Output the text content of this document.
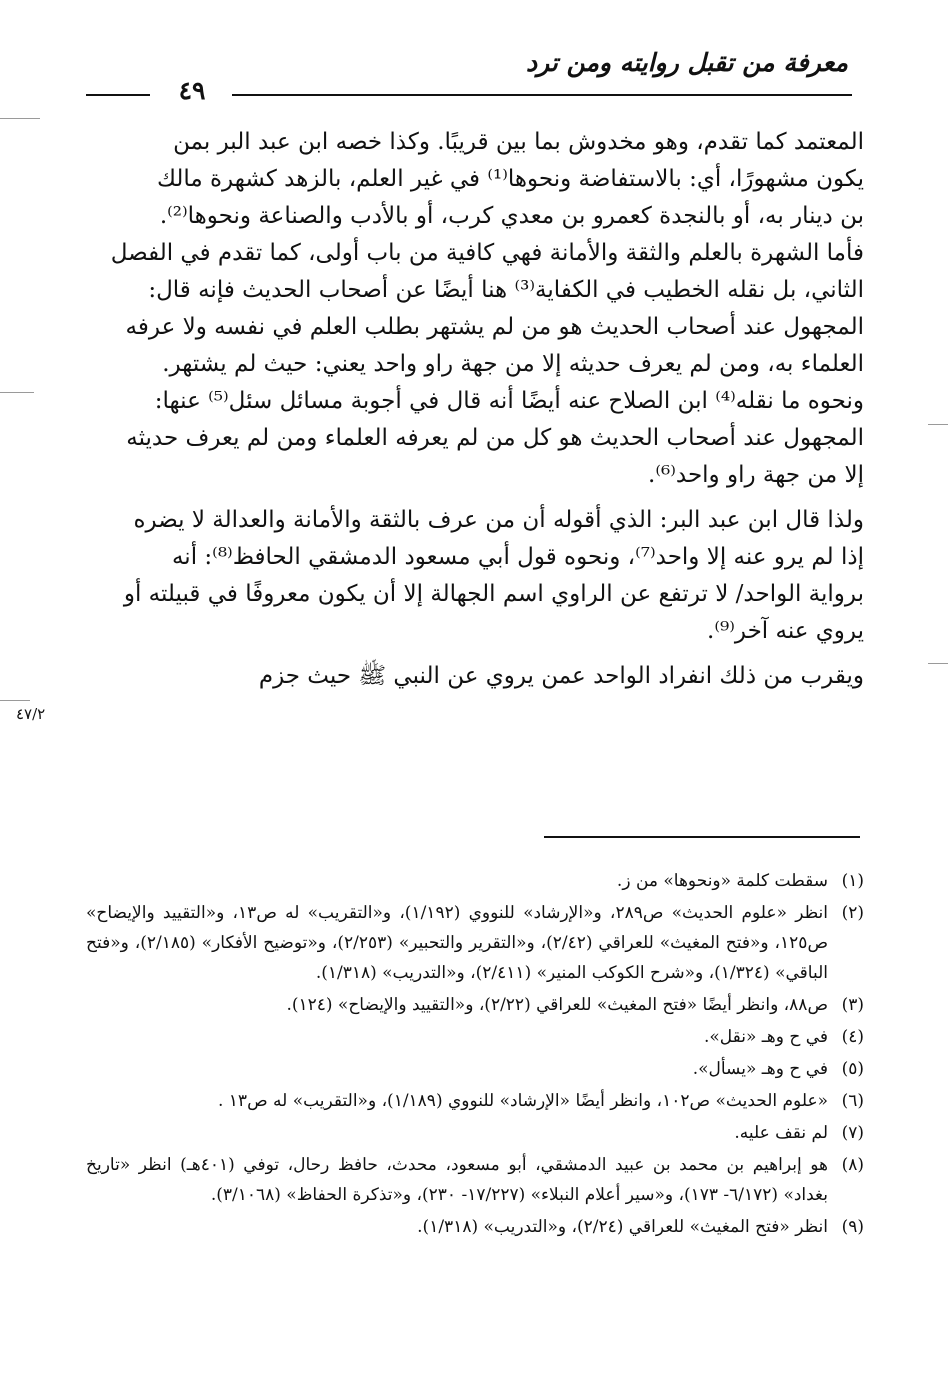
معرفة من تقبل روايته ومن ترد
٤٩

المعتمد كما تقدم، وهو مخدوش بما بين قريبًا. وكذا خصه ابن عبد البر بمن

يكون مشهورًا، أي: بالاستفاضة ونحوها⁽¹⁾ في غير العلم، بالزهد كشهرة مالك

بن دينار به، أو بالنجدة كعمرو بن معدي كرب، أو بالأدب والصناعة ونحوها⁽²⁾.

فأما الشهرة بالعلم والثقة والأمانة فهي كافية من باب أولى، كما تقدم في الفصل

الثاني، بل نقله الخطيب في الكفاية⁽³⁾ هنا أيضًا عن أصحاب الحديث فإنه قال:

المجهول عند أصحاب الحديث هو من لم يشتهر بطلب العلم في نفسه ولا عرفه

العلماء به، ومن لم يعرف حديثه إلا من جهة راو واحد يعني: حيث لم يشتهر.

ونحوه ما نقله⁽⁴⁾ ابن الصلاح عنه أيضًا أنه قال في أجوبة مسائل سئل⁽⁵⁾ عنها:

المجهول عند أصحاب الحديث هو كل من لم يعرفه العلماء ومن لم يعرف حديثه

إلا من جهة راو واحد⁽⁶⁾.

ولذا قال ابن عبد البر: الذي أقوله أن من عرف بالثقة والأمانة والعدالة لا يضره

إذا لم يرو عنه إلا واحد⁽⁷⁾، ونحوه قول أبي مسعود الدمشقي الحافظ⁽⁸⁾: أنه

برواية الواحد/ لا ترتفع عن الراوي اسم الجهالة إلا أن يكون معروفًا في قبيلته أو

يروي عنه آخر⁽⁹⁾.

ويقرب من ذلك انفراد الواحد عمن يروي عن النبي ﷺ حيث جزم

٤٧/٢

(١)سقطت كلمة «ونحوها» من ز.

(٢)انظر «علوم الحديث» ص٢٨٩، و«الإرشاد» للنووي (١/١٩٢)، و«التقريب» له ص١٣، و«التقييد والإيضاح» ص١٢٥، و«فتح المغيث» للعراقي (٢/٤٢)، و«التقرير والتحبير» (٢/٢٥٣)، و«توضيح الأفكار» (٢/١٨٥)، و«فتح الباقي» (١/٣٢٤)، و«شرح الكوكب المنير» (٢/٤١١)، و«التدريب» (١/٣١٨).

(٣)ص٨٨، وانظر أيضًا «فتح المغيث» للعراقي (٢/٢٢)، و«التقييد والإيضاح» (١٢٤).

(٤)في ح وهـ «نقل».

(٥)في ح وهـ «يسأل».

(٦)«علوم الحديث» ص١٠٢، وانظر أيضًا «الإرشاد» للنووي (١/١٨٩)، و«التقريب» له ص١٣ .

(٧)لم نقف عليه.

(٨)هو إبراهيم بن محمد بن عبيد الدمشقي، أبو مسعود، محدث، حافظ رحال، توفي (٤٠١هـ) انظر «تاريخ بغداد» (٦/١٧٢- ١٧٣)، و«سير أعلام النبلاء» (١٧/٢٢٧- ٢٣٠)، و«تذكرة الحفاظ» (٣/١٠٦٨).

(٩)انظر «فتح المغيث» للعراقي (٢/٢٤)، و«التدريب» (١/٣١٨).
